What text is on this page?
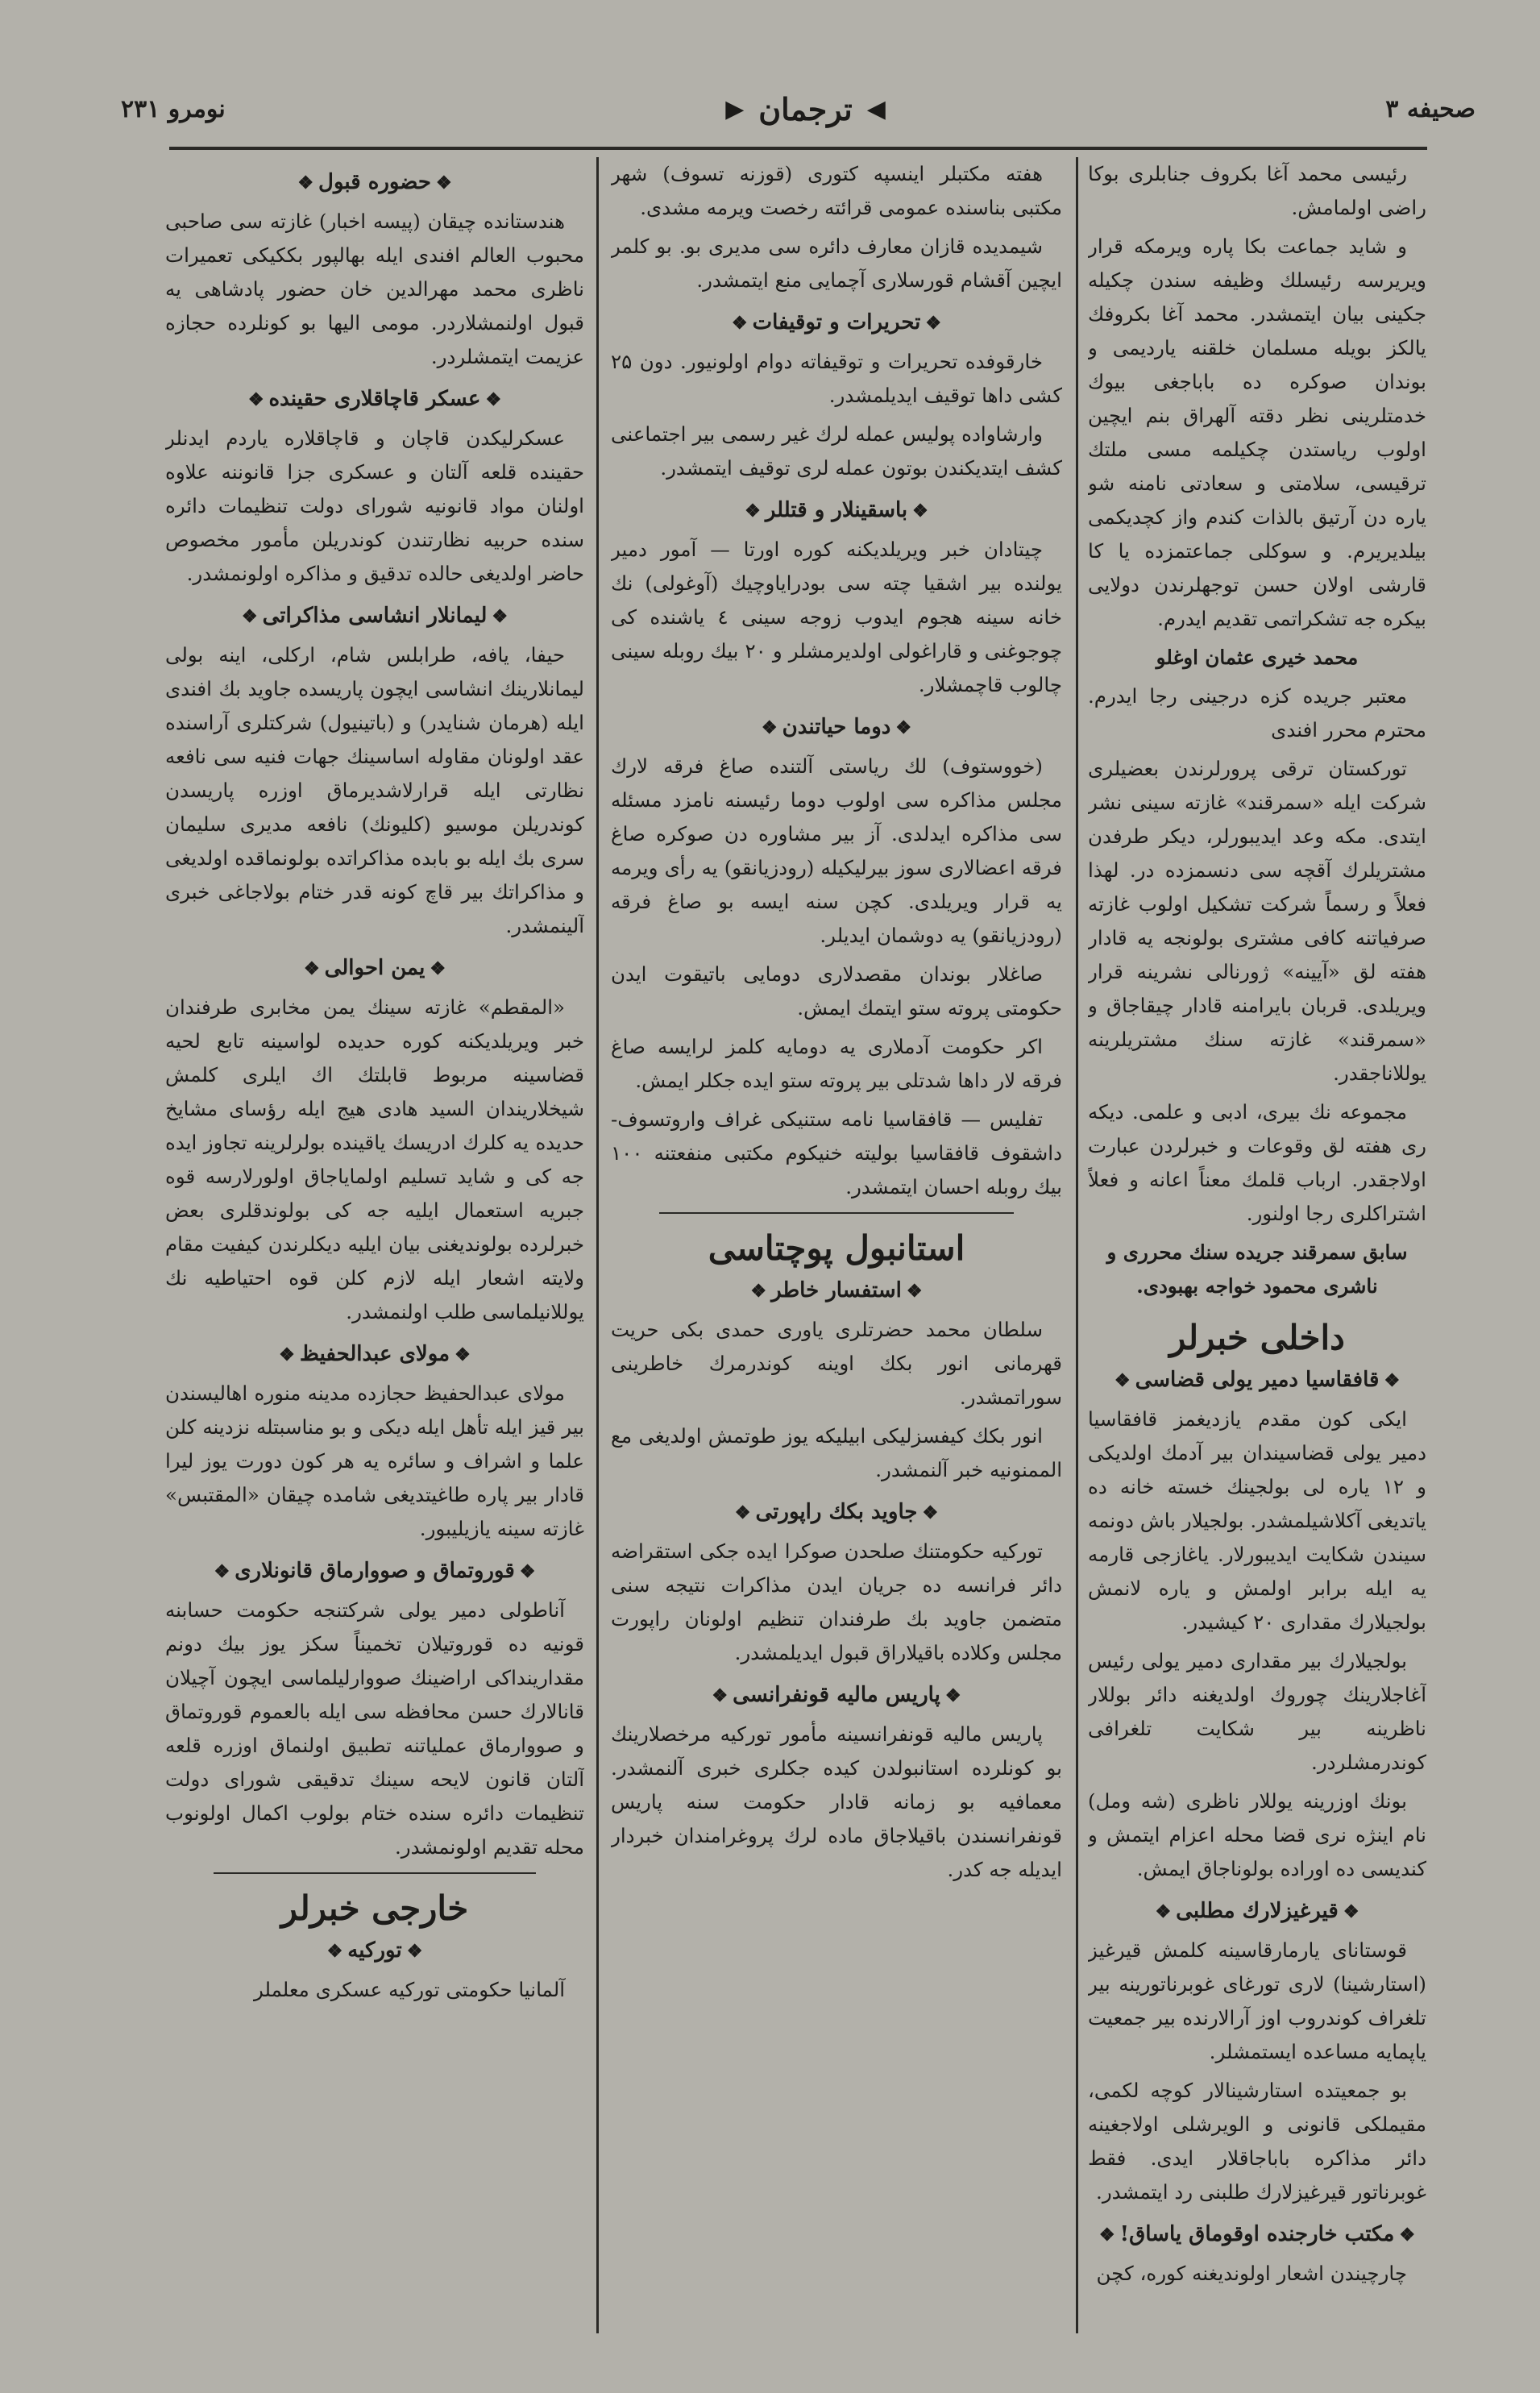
صحیفه ۳
◀
ترجمان
▶
نومرو ۲۳۱

رئیسی محمد آغا بکروف جنابلری بوکا راضی اولمامش.

و شاید جماعت بکا پاره ویرمکه قرار ویریرسه رئیسلك وظیفه سندن چکیله جکینی بیان ایتمشدر. محمد آغا بکروفك یالکز بویله مسلمان خلقنه یاردیمی و بوندان صوکره ده باباجغی بیوك خدمتلرینی نظر دقته آلهراق بنم ایچین اولوب ریاستدن چکیلمه مسی ملتك ترقیسی، سلامتی و سعادتی نامنه شو یاره دن آرتیق بالذات کندم واز کچدیکمی بیلدیریرم. و سوکلی جماعتمزده یا کا قارشی اولان حسن توجهلرندن دولایی بیکره جه تشکراتمی تقدیم ایدرم.

محمد خیری عثمان اوغلو

معتبر جریده کزه درجینی رجا ایدرم. محترم محرر افندی

تورکستان ترقی پرورلرندن بعضیلری شرکت ایله «سمرقند» غازته سینی نشر ایتدی. مکه وعد ایدیبورلر، دیکر طرفدن مشتریلرك آقچه سی دنسمزده در. لهذا فعلاً و رسماً شرکت تشکیل اولوب غازته صرفیاتنه کافی مشتری بولونجه یه قادار هفته لق «آیینه» ژورنالی نشرینه قرار ویریلدی. قربان بایرامنه قادار چیقاجاق و «سمرقند» غازته سنك مشتریلرینه یوللاناجقدر.

مجموعه نك بیری، ادبی و علمی. دیکه ری هفته لق وقوعات و خبرلردن عبارت اولاجقدر. ارباب قلمك معناً اعانه و فعلاً اشتراکلری رجا اولنور.

سابق سمرقند جریده سنك محرری و ناشری محمود خواجه بهبودی.

داخلی خبرلر

❖قافقاسیا دمیر یولی قضاسی❖

ایکی کون مقدم یازدیغمز قافقاسیا دمیر یولی قضاسیندان بیر آدمك اولدیکی و ۱۲ یاره لی بولجینك خسته خانه ده یاتدیغی آکلاشیلمشدر. بولجیلار باش دونمه سیندن شکایت ایدیبورلار. یاغازجی قارمه یه ایله برابر اولمش و یاره لانمش بولجیلارك مقداری ۲۰ کیشیدر.

بولجیلارك بیر مقداری دمیر یولی رئیس آغاجلارینك چوروك اولدیغنه دائر بوللار ناظرینه بیر شکایت تلغرافی کوندرمشلردر.

بونك اوزرینه یوللار ناظری (شه ومل) نام اینژه نری قضا محله اعزام ایتمش و کندیسی ده اوراده بولوناجاق ایمش.

❖قیرغیزلارك مطلبی❖

قوستانای یارمارقاسینه کلمش قیرغیز (استارشینا) لاری تورغای غوبرناتورینه بیر تلغراف کوندروب اوز آرالارنده بیر جمعیت یاپمایه مساعده ایستمشلر.

بو جمعیتده استارشینالار کوچه لکمی، مقیملکی قانونی و الویرشلی اولاجغینه دائر مذاکره باباجاقلار ایدی. فقط غوبرناتور قیرغیزلارك طلبنی رد ایتمشدر.

❖مکتب خارجنده اوقوماق یاساق!❖

چارچیندن اشعار اولوندیغنه کوره، کچن

هفته مکتبلر اینسپه کتوری (قوزنه تسوف) شهر مکتبی بناسنده عمومی قرائته رخصت ویرمه مشدی.

شیمدیده قازان معارف دائره سی مدیری بو. بو کلمر ایچین آقشام قورسلاری آچمایی منع ایتمشدر.

❖تحریرات و توقیفات❖

خارقوفده تحریرات و توقیفاته دوام اولونیور. دون ۲۵ کشی داها توقیف ایدیلمشدر.

وارشاواده پولیس عمله لرك غیر رسمی بیر اجتماعنی کشف ایتدیکندن بوتون عمله لری توقیف ایتمشدر.

❖باسقینلار و قتللر❖

چیتادان خبر ویریلدیکنه کوره اورتا — آمور دمیر یولنده بیر اشقیا چته سی بودرایاوچیك (آوغولی) نك خانه سینه هجوم ایدوب زوجه سینی ٤ یاشنده کی چوجوغنی و قاراغولی اولدیرمشلر و ۲۰ بیك روبله سینی چالوب قاچمشلار.

❖دوما حیاتندن❖

(خووستوف) لك ریاستی آلتنده صاغ فرقه لارك مجلس مذاکره سی اولوب دوما رئیسنه نامزد مسئله سی مذاکره ایدلدی. آز بیر مشاوره دن صوکره صاغ فرقه اعضالاری سوز بیرلیکیله (رودزیانقو) یه رأی ویرمه یه قرار ویریلدی. کچن سنه ایسه بو صاغ فرقه (رودزیانقو) یه دوشمان ایدیلر.

صاغلار بوندان مقصدلاری دومایی باتیقوت ایدن حکومتی پروته ستو ایتمك ایمش.

اکر حکومت آدملاری یه دومایه کلمز لرایسه صاغ فرقه لار داها شدتلی بیر پروته ستو ایده جکلر ایمش.

تفلیس — قافقاسیا نامه ستنیکی غراف واروتسوف-داشقوف قافقاسیا بولیته خنیکوم مکتبی منفعتنه ۱۰۰ بیك روبله احسان ایتمشدر.

استانبول پوچتاسی

❖استفسار خاطر❖

سلطان محمد حضرتلری یاوری حمدی بکی حریت قهرمانی انور بکك اوینه کوندرمرك خاطرینی سوراتمشدر.

انور بکك کیفسزلیکی ابیلیکه یوز طوتمش اولدیغی مع الممنونیه خبر آلنمشدر.

❖جاوید بکك راپورتی❖

تورکیه حکومتنك صلحدن صوکرا ایده جکی استقراضه دائر فرانسه ده جریان ایدن مذاکرات نتیجه سنی متضمن جاوید بك طرفندان تنظیم اولونان راپورت مجلس وکلاده باقیلاراق قبول ایدیلمشدر.

❖پاریس مالیه قونفرانسی❖

پاریس مالیه قونفرانسینه مأمور تورکیه مرخصلارینك بو کونلرده استانبولدن کیده جکلری خبری آلنمشدر. معمافیه بو زمانه قادار حکومت سنه پاریس قونفرانسندن باقیلاجاق ماده لرك پروغرامندان خبردار ایدیله جه کدر.

❖حضوره قبول❖

هندستانده چیقان (پیسه اخبار) غازته سی صاحبی محبوب العالم افندی ایله بهالپور بککیکی تعمیرات ناظری محمد مهرالدین خان حضور پادشاهی یه قبول اولنمشلاردر. مومی الیها بو کونلرده حجازه عزیمت ایتمشلردر.

❖عسکر قاچاقلاری حقینده❖

عسکرلیکدن قاچان و قاچاقلاره یاردم ایدنلر حقینده قلعه آلتان و عسکری جزا قانوننه علاوه اولنان مواد قانونیه شورای دولت تنظیمات دائره سنده حربیه نظارتندن کوندریلن مأمور مخصوص حاضر اولدیغی حالده تدقیق و مذاکره اولونمشدر.

❖لیمانلار انشاسی مذاکراتی❖

حیفا، یافه، طرابلس شام، ارکلی، اینه بولی لیمانلارینك انشاسی ایچون پاریسده جاوید بك افندی ایله (هرمان شنایدر) و (باتینیول) شرکتلری آراسنده عقد اولونان مقاوله اساسینك جهات فنیه سی نافعه نظارتی ایله قرارلاشدیرماق اوزره پاریسدن کوندریلن موسیو (کلیونك) نافعه مدیری سلیمان سری بك ایله بو بابده مذاکراتده بولونماقده اولدیغی و مذاکراتك بیر قاچ کونه قدر ختام بولاجاغی خبری آلینمشدر.

❖یمن احوالی❖

«المقطم» غازته سینك یمن مخابری طرفندان خبر ویریلدیکنه کوره حدیده لواسینه تابع لحیه قضاسینه مربوط قابلتك اك ایلری کلمش شیخلاریندان السید هادی هیج ایله رؤسای مشایخ حدیده یه کلرك ادریسك یاقینده بولرلرینه تجاوز ایده جه کی و شاید تسلیم اولمایاجاق اولورلارسه قوه جبریه استعمال ایلیه جه کی بولوندقلری بعض خبرلرده بولوندیغنی بیان ایلیه دیکلرندن کیفیت مقام ولایته اشعار ایله لازم کلن قوه احتیاطیه نك یوللانیلماسی طلب اولنمشدر.

❖مولای عبدالحفیظ❖

مولای عبدالحفیظ حجازده مدینه منوره اهالیسندن بیر قیز ایله تأهل ایله دیکی و بو مناسبتله نزدینه کلن علما و اشراف و سائره یه هر کون دورت یوز لیرا قادار بیر پاره طاغیتدیغی شامده چیقان «المقتبس» غازته سینه یازیلیبور.

❖قوروتماق و صووارماق قانونلاری❖

آناطولی دمیر یولی شرکتنجه حکومت حسابنه قونیه ده قوروتیلان تخمیناً سکز یوز بیك دونم مقدارینداکی اراضینك صووارلیلماسی ایچون آچیلان قانالارك حسن محافظه سی ایله بالعموم قوروتماق و صووارماق عملیاتنه تطبیق اولنماق اوزره قلعه آلتان قانون لایحه سینك تدقیقی شورای دولت تنظیمات دائره سنده ختام بولوب اکمال اولونوب محله تقدیم اولونمشدر.

خارجی خبرلر

❖تورکیه❖

آلمانیا حکومتی تورکیه عسکری معلملر
